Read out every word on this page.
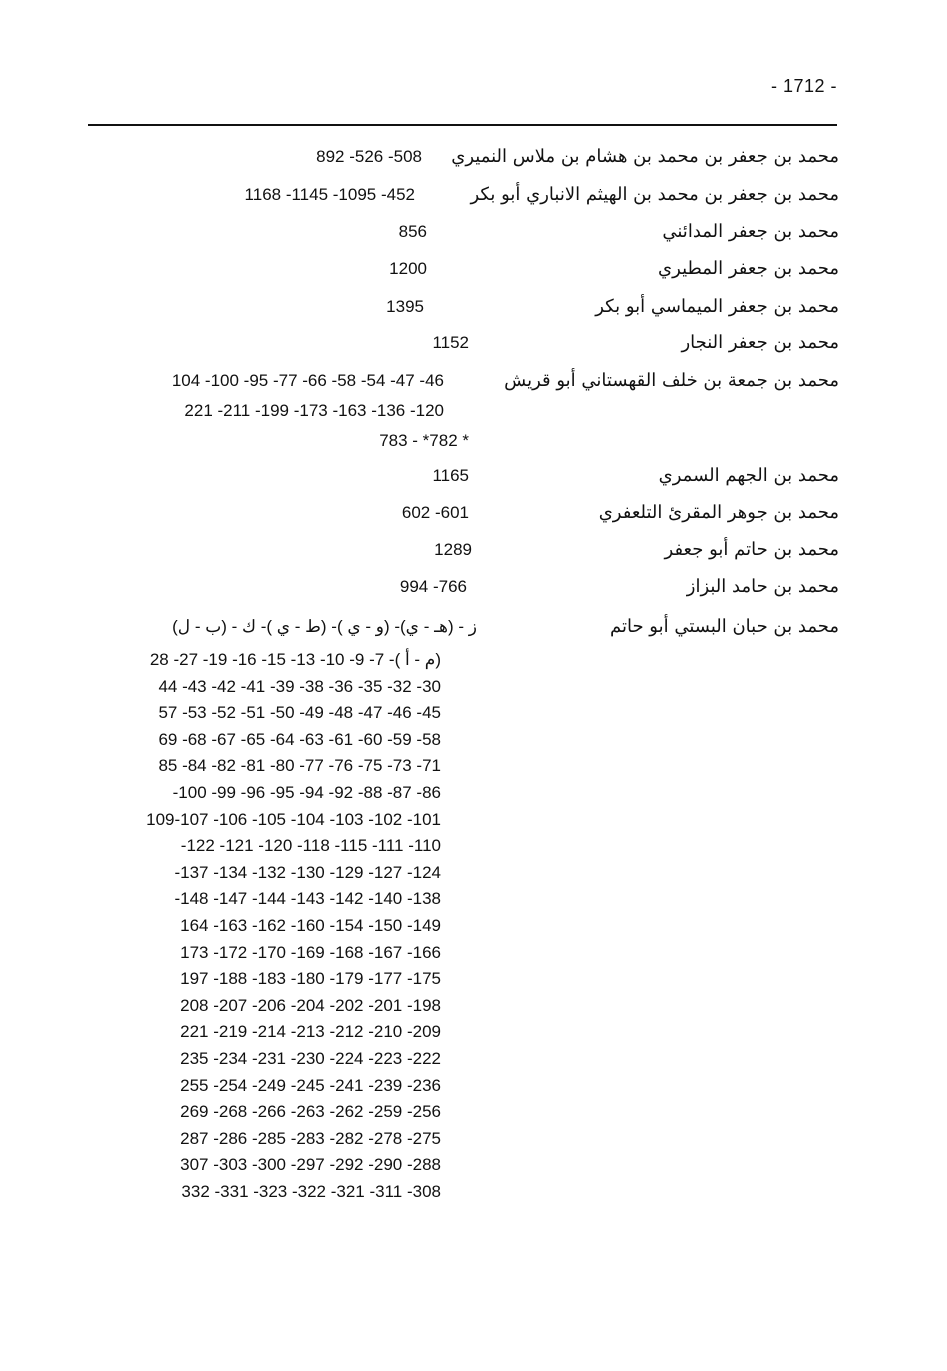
- 1712 -
محمد بن جعفر بن محمد بن هشام بن ملاس النميري
892 -526 -508
محمد بن جعفر بن محمد بن الهيثم الانباري أبو بكر
1168 -1145 -1095 -452
محمد بن جعفر المدائني
856
محمد بن جعفر المطيري
1200
محمد بن جعفر الميماسي أبو بكر
1395
محمد بن جعفر النجار
1152
محمد بن جمعة بن خلف القهستاني أبو قريش
104 -100 -95 -77 -66 -58 -54 -47 -46
221 -211 -199 -173 -163 -136 -120
783 - *782 *
محمد بن الجهم السمري
1165
محمد بن جوهر المقرئ التلعفري
602 -601
محمد بن حاتم أبو جعفر
1289
محمد بن حامد البزاز
994 -766
محمد بن حبان البستي أبو حاتم
ز - (هـ - ي)- (و - ي )- (ط - ي )- ك - (ب - ل)
28 -27 -19 -16 -15 -13 -10 -9 -7 -( م - أ)
44 -43 -42 -41 -39 -38 -36 -35 -32 -30
57 -53 -52 -51 -50 -49 -48 -47 -46 -45
69 -68 -67 -65 -64 -63 -61 -60 -59 -58
85 -84 -82 -81 -80 -77 -76 -75 -73 -71
-100 -99 -96 -95 -94 -92 -88 -87 -86
109-107 -106 -105 -104 -103 -102 -101
-122 -121 -120 -118 -115 -111 -110
-137 -134 -132 -130 -129 -127 -124
-148 -147 -144 -143 -142 -140 -138
164 -163 -162 -160 -154 -150 -149
173 -172 -170 -169 -168 -167 -166
197 -188 -183 -180 -179 -177 -175
208 -207 -206 -204 -202 -201 -198
221 -219 -214 -213 -212 -210 -209
235 -234 -231 -230 -224 -223 -222
255 -254 -249 -245 -241 -239 -236
269 -268 -266 -263 -262 -259 -256
287 -286 -285 -283 -282 -278 -275
307 -303 -300 -297 -292 -290 -288
332 -331 -323 -322 -321 -311 -308
